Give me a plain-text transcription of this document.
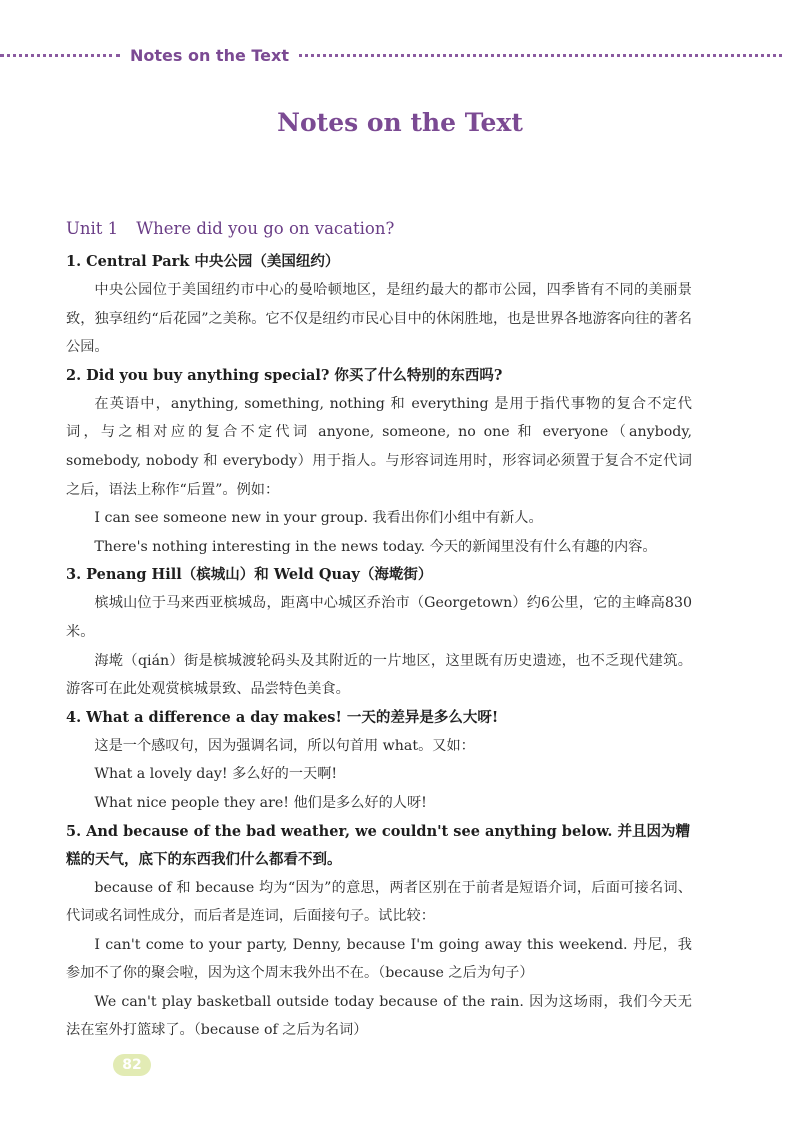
Notes on the Text
Notes on the Text
Unit 1 Where did you go on vacation?
1. Central Park 中央公园（美国纽约）

中央公园位于美国纽约市中心的曼哈顿地区，是纽约最大的都市公园，四季皆有不同的美丽景致，独享纽约“后花园”之美称。它不仅是纽约市民心目中的休闲胜地，也是世界各地游客向往的著名公园。

2. Did you buy anything special? 你买了什么特别的东西吗?

在英语中，anything, something, nothing 和 everything 是用于指代事物的复合不定代词，与之相对应的复合不定代词 anyone, someone, no one 和 everyone（anybody, somebody, nobody 和 everybody）用于指人。与形容词连用时，形容词必须置于复合不定代词之后，语法上称作“后置”。例如：

I can see someone new in your group. 我看出你们小组中有新人。

There's nothing interesting in the news today. 今天的新闻里没有什么有趣的内容。

3. Penang Hill（槟城山）和 Weld Quay（海墘街）

槟城山位于马来西亚槟城岛，距离中心城区乔治市（Georgetown）约6公里，它的主峰高830米。

海墘（qián）街是槟城渡轮码头及其附近的一片地区，这里既有历史遗迹，也不乏现代建筑。游客可在此处观赏槟城景致、品尝特色美食。

4. What a difference a day makes! 一天的差异是多么大呀!

这是一个感叹句，因为强调名词，所以句首用 what。又如：

What a lovely day! 多么好的一天啊!

What nice people they are! 他们是多么好的人呀!

5. And because of the bad weather, we couldn't see anything below. 并且因为糟糕的天气，底下的东西我们什么都看不到。

because of 和 because 均为“因为”的意思，两者区别在于前者是短语介词，后面可接名词、代词或名词性成分，而后者是连词，后面接句子。试比较：

I can't come to your party, Denny, because I'm going away this weekend. 丹尼，我参加不了你的聚会啦，因为这个周末我外出不在。（because 之后为句子）

We can't play basketball outside today because of the rain. 因为这场雨，我们今天无法在室外打篮球了。（because of 之后为名词）

82
